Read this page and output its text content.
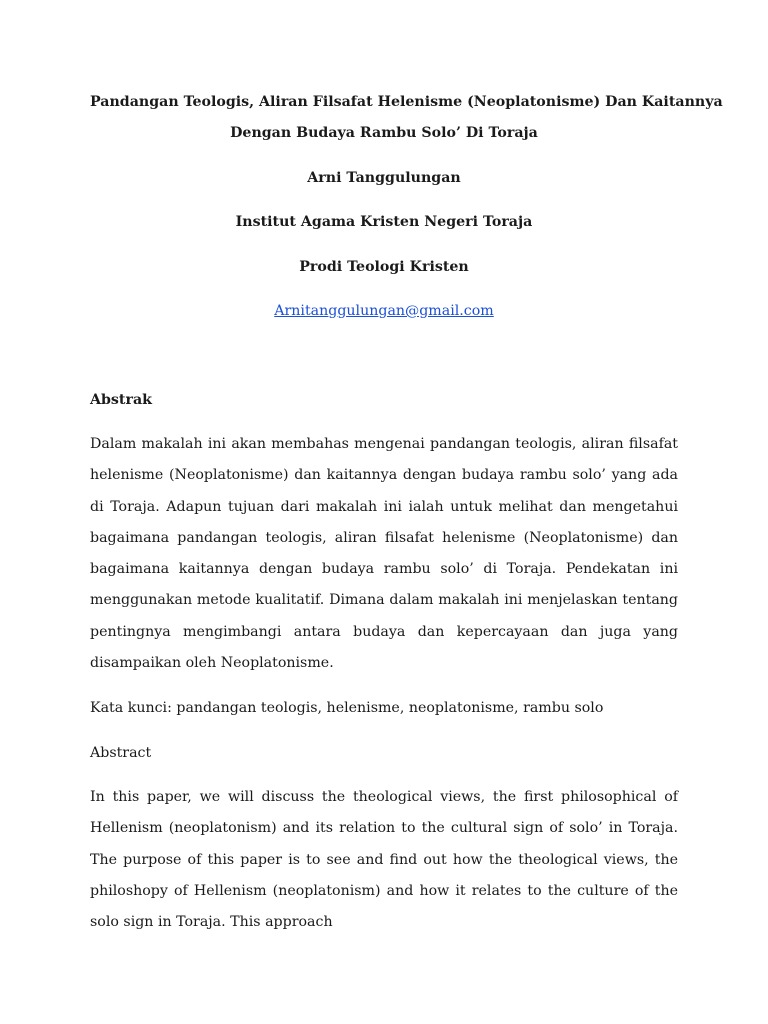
Pandangan Teologis, Aliran Filsafat Helenisme (Neoplatonisme) Dan Kaitannya
Dengan Budaya Rambu Solo’ Di Toraja
Arni Tanggulungan
Institut Agama Kristen Negeri Toraja
Prodi Teologi Kristen
Arnitanggulungan@gmail.com
Abstrak

Dalam makalah ini akan membahas mengenai pandangan teologis, aliran filsafat helenisme (Neoplatonisme) dan kaitannya dengan budaya rambu solo’ yang ada di Toraja. Adapun tujuan dari makalah ini ialah untuk melihat dan mengetahui bagaimana pandangan teologis, aliran filsafat helenisme (Neoplatonisme) dan bagaimana kaitannya dengan budaya rambu solo’ di Toraja. Pendekatan ini menggunakan metode kualitatif. Dimana dalam makalah ini menjelaskan tentang pentingnya mengimbangi antara budaya dan kepercayaan dan juga yang disampaikan oleh Neoplatonisme.

Kata kunci: pandangan teologis, helenisme, neoplatonisme, rambu solo
Abstract

In this paper, we will discuss the theological views, the first philosophical of Hellenism (neoplatonism) and its relation to the cultural sign of solo’ in Toraja. The purpose of this paper is to see and find out how the theological views, the philoshopy of Hellenism (neoplatonism) and how it relates to the culture of the solo sign in Toraja. This approach
